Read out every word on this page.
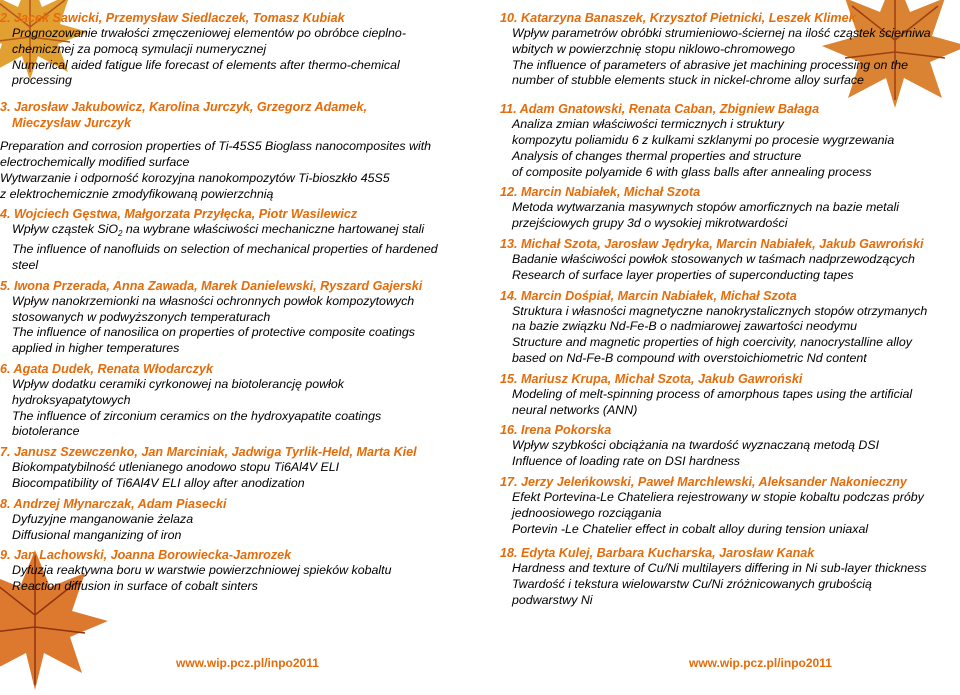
2. Jacek Sawicki, Przemysław Siedlaczek, Tomasz Kubiak

Prognozowanie trwałości zmęczeniowej elementów po obróbce cieplno-

chemicznej za pomocą symulacji numerycznej

Numerical aided fatigue life forecast of elements after thermo-chemical

processing

3. Jarosław Jakubowicz, Karolina Jurczyk, Grzegorz Adamek,

Mieczysław Jurczyk

Preparation and corrosion properties of Ti-45S5 Bioglass nanocomposites with

electrochemically modified surface

Wytwarzanie i odporność korozyjna nanokompozytów Ti-bioszkło 45S5

z elektrochemicznie zmodyfikowaną powierzchnią

4. Wojciech Gęstwa, Małgorzata Przyłęcka, Piotr Wasilewicz

Wpływ cząstek SiO$_2$ na wybrane właściwości mechaniczne hartowanej stali

The influence of nanofluids on selection of mechanical properties of hardened

steel

5. Iwona Przerada, Anna Zawada, Marek Danielewski, Ryszard Gajerski

Wpływ nanokrzemionki na własności ochronnych powłok kompozytowych

stosowanych w podwyższonych temperaturach

The influence of nanosilica on properties of protective composite coatings

applied in higher temperatures

6. Agata Dudek, Renata Włodarczyk

Wpływ dodatku ceramiki cyrkonowej na biotolerancję powłok

hydroksyapatytowych

The influence of zirconium ceramics on the hydroxyapatite coatings

biotolerance

7. Janusz Szewczenko, Jan Marciniak, Jadwiga Tyrlik-Held, Marta Kiel

Biokompatybilność utlenianego anodowo stopu Ti6Al4V ELI

Biocompatibility of Ti6Al4V ELI alloy after anodization

8. Andrzej Młynarczak, Adam Piasecki

Dyfuzyjne manganowanie żelaza

Diffusional manganizing of iron

9. Jan Lachowski, Joanna Borowiecka-Jamrozek

Dyfuzja reaktywna boru w warstwie powierzchniowej spieków kobaltu

Reaction diffusion in surface of cobalt sinters

10. Katarzyna Banaszek, Krzysztof Pietnicki, Leszek Klimek

Wpływ parametrów obróbki strumieniowo-ściernej na ilość cząstek ścierniwa

wbitych w powierzchnię stopu niklowo-chromowego

The influence of parameters of abrasive jet machining processing on the

number of stubble elements stuck in nickel-chrome alloy surface

11. Adam Gnatowski, Renata Caban, Zbigniew Bałaga

Analiza zmian właściwości termicznych i struktury

kompozytu poliamidu 6 z kulkami szklanymi po procesie wygrzewania

Analysis of changes thermal properties and structure

of composite polyamide 6 with glass balls after annealing process

12. Marcin Nabiałek, Michał Szota

Metoda wytwarzania masywnych stopów amorficznych na bazie metali

przejściowych grupy 3d o wysokiej mikrotwardości

13. Michał Szota, Jarosław Jędryka, Marcin Nabiałek, Jakub Gawroński

Badanie właściwości powłok stosowanych w taśmach nadprzewodzących

Research of surface layer properties of superconducting tapes

14. Marcin Dośpiał, Marcin Nabiałek, Michał Szota

Struktura i własności magnetyczne nanokrystalicznych stopów otrzymanych

na bazie związku Nd-Fe-B o nadmiarowej zawartości neodymu

Structure and magnetic properties of high coercivity, nanocrystalline alloy

based on Nd-Fe-B compound with overstoichiometric Nd content

15. Mariusz Krupa, Michał Szota, Jakub Gawroński

Modeling of melt-spinning process of amorphous tapes using the artificial

neural networks (ANN)

16. Irena Pokorska

Wpływ szybkości obciążania na twardość wyznaczaną metodą DSI

Influence of loading rate on DSI hardness

17. Jerzy Jeleńkowski, Paweł Marchlewski, Aleksander Nakonieczny

Efekt Portevina-Le Chateliera rejestrowany w stopie kobaltu podczas próby

jednoosiowego rozciągania

Portevin -Le Chatelier effect in cobalt alloy during tension uniaxal

18. Edyta Kulej, Barbara Kucharska, Jarosław Kanak

Hardness and texture of Cu/Ni multilayers differing in Ni sub-layer thickness

Twardość i tekstura wielowarstw Cu/Ni zróżnicowanych grubością

podwarstwy Ni

www.wip.pcz.pl/inpo2011	www.wip.pcz.pl/inpo2011
